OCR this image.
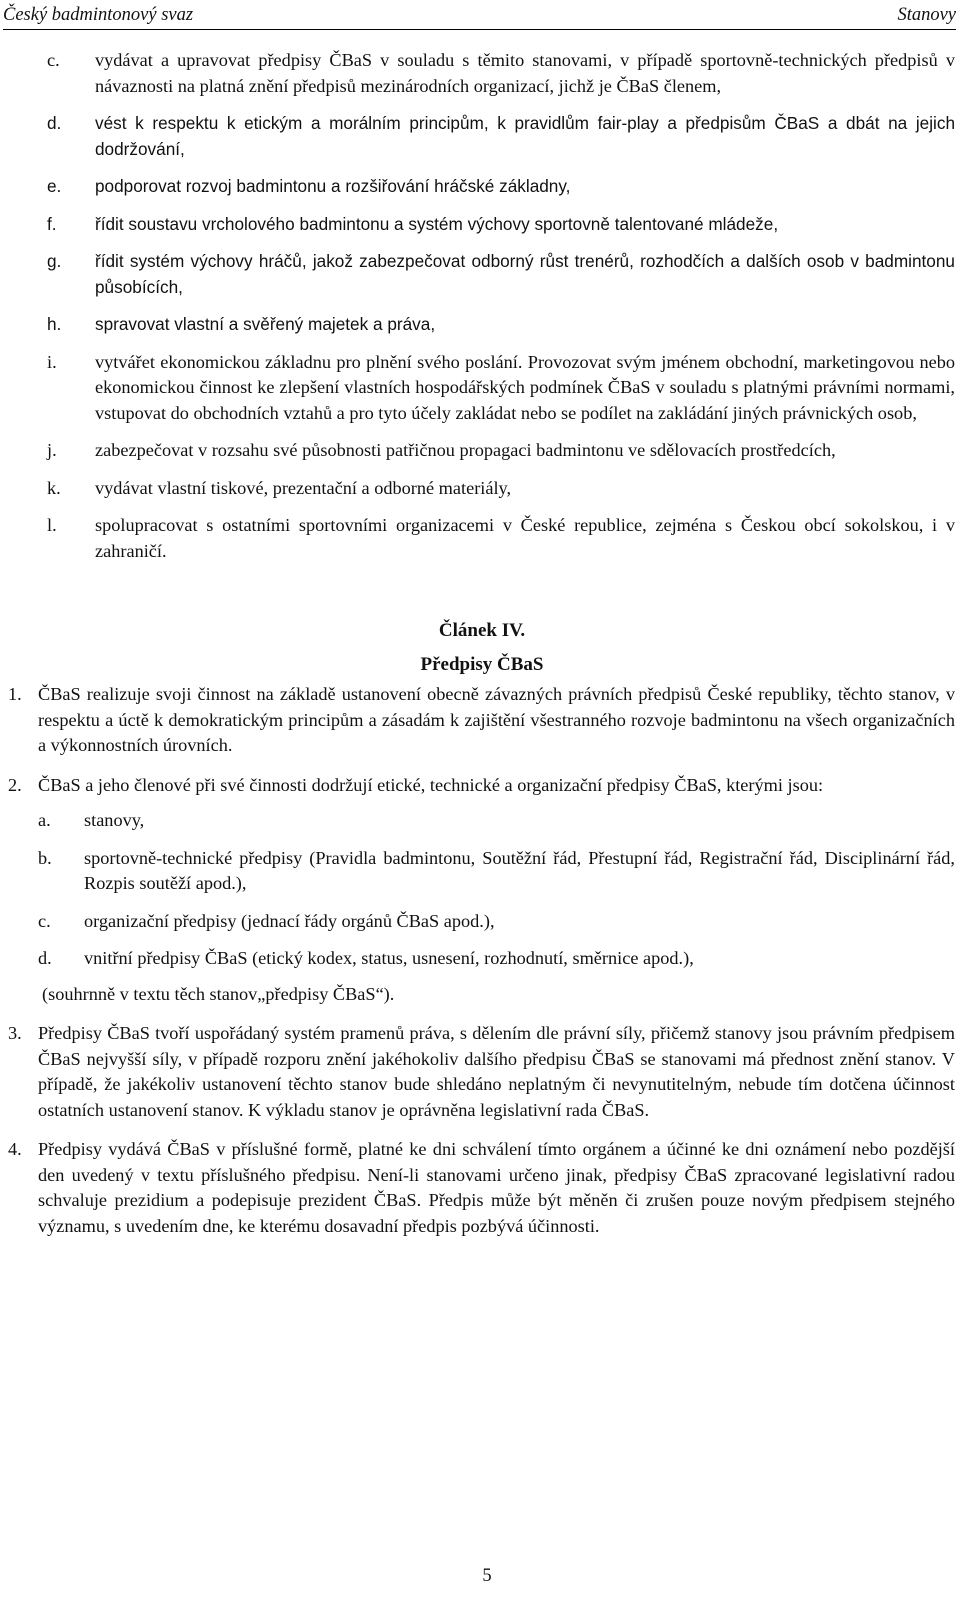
Český badmintonový svaz	Stanovy
c. vydávat a upravovat předpisy ČBaS v souladu s těmito stanovami, v případě sportovně-technických předpisů v návaznosti na platná znění předpisů mezinárodních organizací, jichž je ČBaS členem,
d. vést k respektu k etickým a morálním principům, k pravidlům fair-play a předpisům ČBaS a dbát na jejich dodržování,
e. podporovat rozvoj badmintonu a rozšiřování hráčské základny,
f. řídit soustavu vrcholového badmintonu a systém výchovy sportovně talentované mládeže,
g. řídit systém výchovy hráčů, jakož zabezpečovat odborný růst trenérů, rozhodčích a dalších osob v badmintonu působících,
h. spravovat vlastní a svěřený majetek a práva,
i. vytvářet ekonomickou základnu pro plnění svého poslání. Provozovat svým jménem obchodní, marketingovou nebo ekonomickou činnost ke zlepšení vlastních hospodářských podmínek ČBaS v souladu s platnými právními normami, vstupovat do obchodních vztahů a pro tyto účely zakládat nebo se podílet na zakládání jiných právnických osob,
j. zabezpečovat v rozsahu své působnosti patřičnou propagaci badmintonu ve sdělovacích prostředcích,
k. vydávat vlastní tiskové, prezentační a odborné materiály,
l. spolupracovat s ostatními sportovními organizacemi v České republice, zejména s Českou obcí sokolskou, i v zahraničí.
Článek IV.
Předpisy ČBaS
1. ČBaS realizuje svoji činnost na základě ustanovení obecně závazných právních předpisů České republiky, těchto stanov, v respektu a úctě k demokratickým principům a zásadám k zajištění všestranného rozvoje badmintonu na všech organizačních a výkonnostních úrovních.
2. ČBaS a jeho členové při své činnosti dodržují etické, technické a organizační předpisy ČBaS, kterými jsou:
a. stanovy,
b. sportovně-technické předpisy (Pravidla badmintonu, Soutěžní řád, Přestupní řád, Registrační řád, Disciplinární řád, Rozpis soutěží apod.),
c. organizační předpisy (jednací řády orgánů ČBaS apod.),
d. vnitřní předpisy ČBaS (etický kodex, status, usnesení, rozhodnutí, směrnice apod.),
(souhrnně v textu těch stanov„předpisy ČBaS“).
3. Předpisy ČBaS tvoří uspořádaný systém pramenů práva, s dělením dle právní síly, přičemž stanovy jsou právním předpisem ČBaS nejvyšší síly, v případě rozporu znění jakéhokoliv dalšího předpisu ČBaS se stanovami má přednost znění stanov. V případě, že jakékoliv ustanovení těchto stanov bude shledáno neplatným či nevynutitelným, nebude tím dotčena účinnost ostatních ustanovení stanov. K výkladu stanov je oprávněna legislativní rada ČBaS.
4. Předpisy vydává ČBaS v příslušné formě, platné ke dni schválení tímto orgánem a účinné ke dni oznámení nebo pozdější den uvedený v textu příslušného předpisu. Není-li stanovami určeno jinak, předpisy ČBaS zpracované legislativní radou schvaluje prezidium a podepisuje prezident ČBaS. Předpis může být měněn či zrušen pouze novým předpisem stejného významu, s uvedením dne, ke kterému dosavadní předpis pozbývá účinnosti.
5
